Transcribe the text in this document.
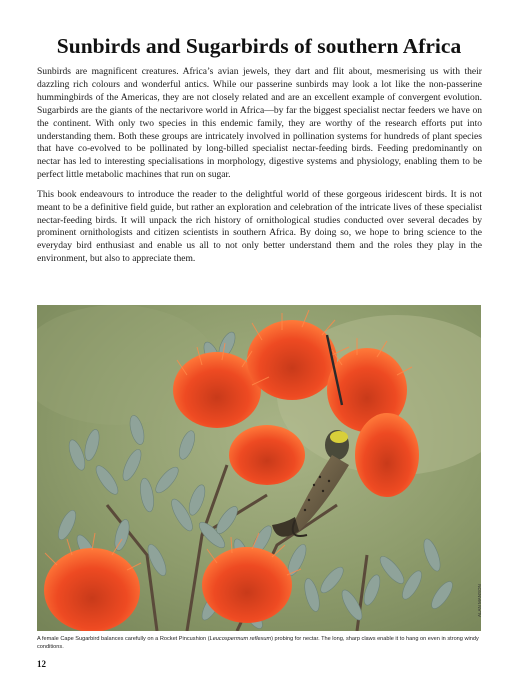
Sunbirds and Sugarbirds of southern Africa

Sunbirds are magnificent creatures. Africa’s avian jewels, they dart and flit about, mesmerising us with their dazzling rich colours and wonderful antics. While our passerine sunbirds may look a lot like the non-passerine hummingbirds of the Americas, they are not closely related and are an excellent example of convergent evolution. Sugarbirds are the giants of the nectarivore world in Africa—by far the biggest specialist nectar feeders we have on the continent. With only two species in this endemic family, they are worthy of the research efforts put into understanding them. Both these groups are intricately involved in pollination systems for hundreds of plant species that have co-evolved to be pollinated by long-billed specialist nectar-feeding birds. Feeding predominantly on nectar has led to interesting specialisations in morphology, digestive systems and physiology, enabling them to be perfect little metabolic machines that run on sugar.

This book endeavours to introduce the reader to the delightful world of these gorgeous iridescent birds. It is not meant to be a definitive field guide, but rather an exploration and celebration of the intricate lives of these specialist nectar-feeding birds. It will unpack the rich history of ornithological studies conducted over several decades by prominent ornithologists and citizen scientists in southern Africa. By doing so, we hope to bring science to the everyday bird enthusiast and enable us all to not only better understand them and the roles they play in the environment, but also to appreciate them.

ALAN MANSON
A female Cape Sugarbird balances carefully on a Rocket Pincushion (Leucospermum reflexum) probing for nectar. The long, sharp claws enable it to hang on even in strong windy conditions.
12
